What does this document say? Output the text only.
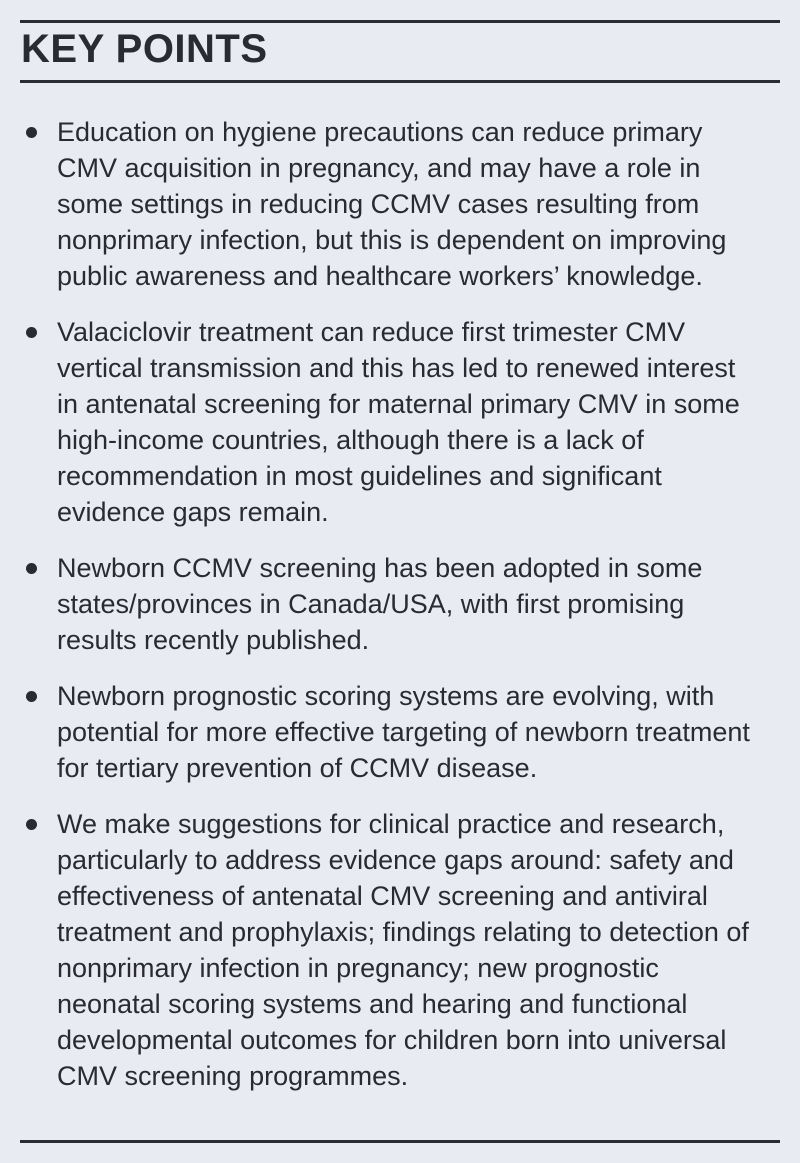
KEY POINTS
Education on hygiene precautions can reduce primary CMV acquisition in pregnancy, and may have a role in some settings in reducing CCMV cases resulting from nonprimary infection, but this is dependent on improving public awareness and healthcare workers’ knowledge.
Valaciclovir treatment can reduce first trimester CMV vertical transmission and this has led to renewed interest in antenatal screening for maternal primary CMV in some high-income countries, although there is a lack of recommendation in most guidelines and significant evidence gaps remain.
Newborn CCMV screening has been adopted in some states/provinces in Canada/USA, with first promising results recently published.
Newborn prognostic scoring systems are evolving, with potential for more effective targeting of newborn treatment for tertiary prevention of CCMV disease.
We make suggestions for clinical practice and research, particularly to address evidence gaps around: safety and effectiveness of antenatal CMV screening and antiviral treatment and prophylaxis; findings relating to detection of nonprimary infection in pregnancy; new prognostic neonatal scoring systems and hearing and functional developmental outcomes for children born into universal CMV screening programmes.
